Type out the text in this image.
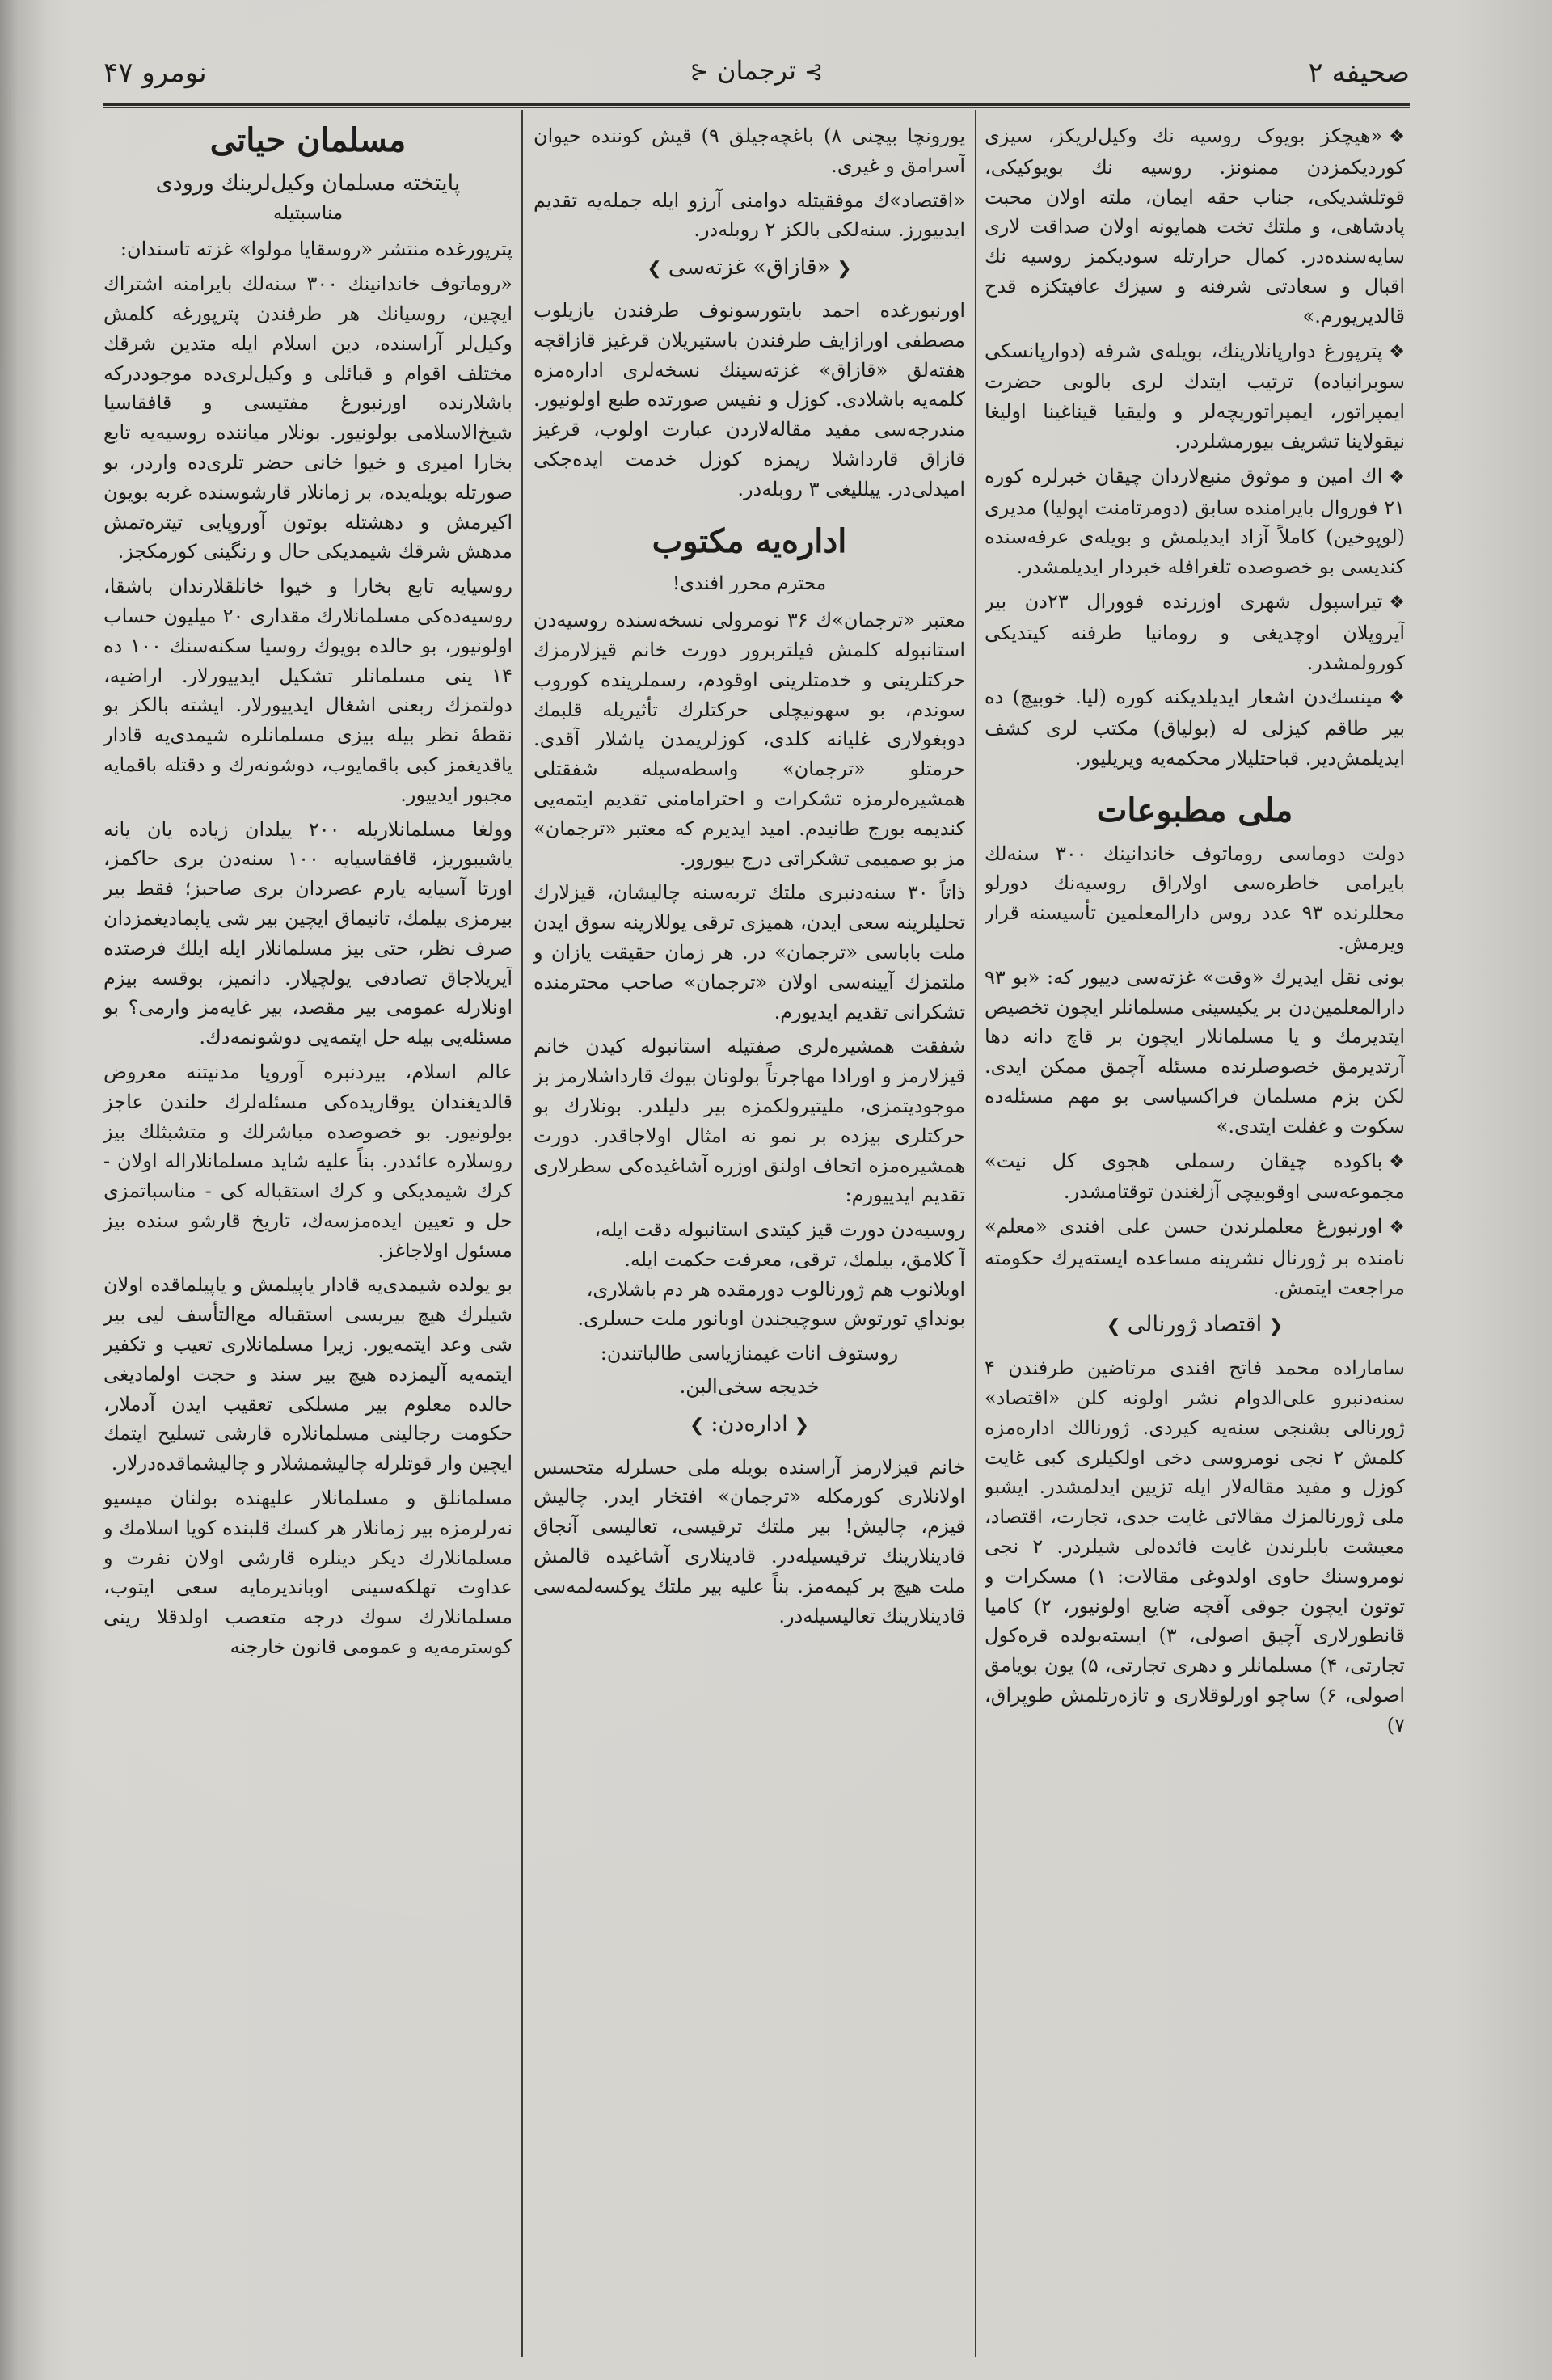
صحیفه ۲
⊱ترجمان⊰
نومرو ۴۷

❖«هیچکز بویوک روسیه نك وکیل‌لریکز، سیزی کوردیکمزدن ممنونز. روسیه نك بویوکیکی، قوتلشدیکی، جناب حقه ایمان، ملته اولان محبت پادشاهی، و ملتك تخت همایونه اولان صداقت لاری سایه‌سنده‌در. کمال حرارتله سودیکمز روسیه نك اقبال و سعادتی شرفنه و سیزك عافیتکزه قدح قالدیریورم.»

❖پترپورغ دوارپانلارینك، بویله‌ی شرفه (دوارپانسکی سوبرانیاده) ترتیب ایتدك لری بالوبی حضرت ایمپراتور، ایمپراتوریچه‌لر و ولیقیا قیناغینا اولیغا نیقولاینا تشریف بیورمشلردر.

❖اك امین و موثوق منبع‌لاردان چیقان خبرلره کوره ۲۱ فوروال بایرامنده سابق (دومرتامنت‌ اپولیا) مدیری (لوپوخین) کاملاً آزاد ایدیلمش و بویله‌ی عرفه‌سنده کندیسی بو خصوصده تلغرافله خبردار ایدیلمشدر.

❖تیراسپول شهری اوزرنده فوورال ۲۳دن بیر آیروپلان اوچدیغی و رومانیا طرفنه کیتدیکی کورولمشدر.

❖مینسك‌دن اشعار ایدیلدیکنه کوره (لیا. خوبیچ) ده بیر طاقم کیزلی له (بولیاق) مکتب لری کشف ایدیلمش‌دیر. قباحتلیلار محکمه‌یه ویریلیور.

ملی مطبوعات

دولت دوماسی روماتوف خاندانینك ۳۰۰ سنه‌لك بایرامی خاطره‌سی اولاراق روسیه‌نك دورلو محللرنده ۹۳ عدد روس دارالمعلمین تأسیسنه قرار ویرمش.

بونی نقل ایدیرك «وقت» غزته‌سی دییور كه: «بو ۹۳ دارالمعلمین‌دن بر یکیسینی مسلمانلر ایچون تخصیص ایتدیرمك و یا مسلمانلار ایچون بر قاچ دانه دها آرتدیرمق خصوصلرنده مسئله آچمق ممکن ایدی. لکن بزم مسلمان فراکسیاسی بو مهم مسئله‌ده سکوت و غفلت ایتدی.»

❖باکوده چیقان رسملی هجوی کل نیت» مجموعه‌سی اوقوبیچی آزلغندن توقتامشدر.

❖اورنبورغ معلملرندن حسن علی افندی «معلم» نامنده بر ژورنال نشرینه مساعده ایسته‌یرك حکومته مراجعت ایتمش.

❮اقتصاد ژورنالی❯

سامارا‌ده محمد فاتح افندی مرتاضین طرفندن ۴ سنه‌دنبرو علی‌الدوام نشر اولونه کلن «اقتصاد» ژورنالی بشنجی سنه‌یه کیردی. ژورنالك اداره‌مزه کلمش ۲ نجی نومروسی دخی اولکیلری کبی غایت کوزل و مفید مقاله‌لار ایله تزیین ایدلمشدر. ایشبو ملی ژورنالمزك مقالاتی غایت جدی، تجارت، اقتصاد، معیشت بابلرندن غایت فائده‌لی شیلردر. ۲ نجی نومروسنك حاوی اولدوغی مقالات: ۱) مسکرات و توتون ایچون جوقی آقچه ضایع اولونیور، ۲) کامیا قانطورلاری آچیق اصولی، ۳) ایسته‌بولده قره‌کول تجارتی، ۴) مسلمانلر و دهری تجارتی، ۵) یون بویامق اصولی، ۶) ساچو اورلوقلاری و تازه‌رتلمش طوپراق، ۷)

یورونچا بیچنی ۸) باغچه‌جیلق ۹) قیش کوننده حیوان آسرامق و غیری.

«اقتصاد»‌ك موفقیتله دوامنی آرزو ایله جمله‌یه تقدیم ایدییورز. سنه‌لکی بالکز ۲ روبله‌در.

❮«قازاق» غزته‌سی❯

اورنبورغده احمد بایتورسونوف طرفندن یازیلوب مصطفی اورازایف طرفندن باستیریلان قرغیز قازاقچه هفته‌لق «قازاق» غزته‌سینك نسخه‌لری اداره‌مزه کلمه‌یه باشلادی. کوزل و نفیس صورتده طبع اولونیور. مندرجه‌سی مفید مقاله‌لاردن عبارت اولوب، قرغیز قازاق قارداشلا ریمزه کوزل خدمت ایده‌جکی امیدلی‌در. ییللیغی ۳ روبله‌در.

اداره‌یه مکتوب
محترم محرر افندی!

معتبر «ترجمان»‌ك ۳۶ نومرولی نسخه‌سنده روسیه‌دن استانبوله کلمش فیلتربرور دورت خانم قیزلارمزك حرکتلرینی و خدمتلرینی اوقودم، رسملرینده کوروب سوندم، بو سهونیچلی حرکتلرك تأثیریله قلبمك دوبغولاری غلیانه کلدی، کوزلریمدن یاشلار آقدی. حرمتلو «ترجمان» واسطه‌سیله شفقتلی همشیره‌لرمزه تشکرات و احترامامنی تقدیم ایتمه‌یی کندیمه بورج طانیدم. امید ایدیرم که معتبر «ترجمان» مز بو صمیمی تشکراتی درج بیورور.

ذاتاً ۳۰ سنه‌دنبری ملتك تربه‌سنه چالیشان، قیزلارك تحلیلرینه سعی ایدن، همیزی ترقی یوللارینه سوق ایدن ملت باباسی «ترجمان» در. هر زمان حقیقت یازان و ملتمزك آیینه‌سی اولان «ترجمان» صاحب محترمنده تشکرانی تقدیم ایدیورم.

شفقت همشیره‌لری صفتیله استانبوله کیدن خانم قیزلارمز و اورادا مهاجرتاً بولونان بیوك قارداشلارمز بز موجودیتمزی، ملیتیرولکمزه بیر دلیلدر. بونلارك بو حرکتلری بیزده بر نمو نه امثال اولاجاقدر. دورت همشیره‌مزه اتحاف اولنق اوزره آشاغیده‌کی سطرلاری تقدیم ایدییورم:

روسیه‌دن دورت قیز کیتدی استانبوله دقت ایله،

آ کلامق، بیلمك، ترقی، معرفت حکمت ایله.

اویلانوب هم ژورنالوب دورمقده هر دم باشلاری،

بونداي تورتوش سوچیجندن اوبانور ملت حسلری.

روستوف انات غیمنازیاسی طالباتندن:
خدیجه سخی‌البن.
❮اداره‌دن:❯

خانم قیزلارمز آراسنده بویله ملی حسلرله متحسس اولانلاری کورمکله «ترجمان» افتخار ایدر. چالیش قیزم، چالیش! بیر ملتك ترقیسی، تعالیسی آنجاق قادینلارینك ترقیسیله‌در. قادینلاری آشاغیده قالمش ملت هیچ بر کیمه‌مز. بناً علیه بیر ملتك یوکسه‌لمه‌سی قادینلارینك تعالیسیله‌در.

مسلمان حیاتی
پایتخته مسلمان وکیل‌لرینك ورودی
مناسبتیله

پترپورغده منتشر «روسقایا مولوا» غزته‌ تاسندان:

«روماتوف خاندانینك ۳۰۰ سنه‌لك بایرامنه اشتراك ایچین، روسیانك هر طرفندن پترپورغه کلمش وکیل‌لر آراسنده، دین اسلام ایله متدین شرقك مختلف اقوام و قبائلی و وکیل‌لری‌ده موجوددرکه باشلارنده اورنبورغ مفتیسی و قافقاسیا شیخ‌الاسلامی بولونیور. بونلار میاننده روسیه‌یه تابع بخارا امیری و خیوا خانی حضر تلری‌ده واردر، بو صورتله بویله‌یده، بر زمانلار قارشوسنده غربه بویون اکیرمش و دهشتله بوتون آوروپایی تیتره‌تمش مدهش شرقك شیمدیکی حال و رنگینی کورمکجز.

روسیایه تابع بخارا و خیوا خانلقلارندان باشقا، روسیه‌ده‌کی مسلمانلارك مقداری ۲۰ میلیون حساب اولونیور، بو حالده بویوك روسیا سکنه‌سنك ۱۰۰ ده ۱۴ ینی مسلمانلر تشکیل ایدییورلار. اراضیه، دولتمزك ربعنی اشغال ایدییورلار. ایشته بالکز بو نقطهٔ نظر بیله بیزی مسلمانلره شیمدی‌یه قادار یاقدیغمز کبی باقمایوب، دوشونه‌رك و دقتله باقمایه مجبور ایدییور.

وولغا مسلمانلاریله ۲۰۰ ییلدان زیاده یان یانه یاشیبوریز، قافقاسیایه ۱۰۰ سنه‌دن بری حاکمز، اورتا آسیایه یارم عصردان بری صاحبز؛ فقط بیر بیرمزی بیلمك، تانیماق ایچین بیر شی یاپمادیغمزدان صرف نظر، حتی بیز مسلمانلار ایله ایلك فرصتده آیریلاجاق تصادفی یولچیلار. دانمیز، بوقسه بیزم اونلارله عمومی بیر مقصد، بیر غایه‌مز وارمی؟ بو مسئله‌یی بیله حل ایتمه‌یی دوشونمه‌دك.

عالم اسلام، بیردنبره آوروپا مدنیتنه معروض قالدیغندان یوقاریده‌کی مسئله‌لرك حلندن عاجز بولونیور. بو خصوصده مباشرلك و متشبثلك بیز روسلاره عائددر. بناً علیه شاید مسلمانلاراله اولان - کرك شیمدیکی و کرك استقباله کی - مناسباتمزی حل و تعیین ایده‌مزسه‌ك، تاریخ قارشو سنده بیز مسئول اولاجاغز.

بو یولده شیمدی‌یه قادار یاپیلمش و یاپیلماقده اولان شیلرك هیچ بیریسی استقباله مع‌التأسف لیی بیر شی وعد ایتمه‌یور. زیرا مسلمانلاری تعیب و تکفیر ایتمه‌یه آلیمزده هیچ بیر سند و حجت اولمادیغی حالده معلوم بیر مسلکی تعقیب ایدن آدملار، حکومت رجالینی مسلمانلاره قارشی تسلیح ایتمك ایچین وار قوتلرله چالیشمشلار و چالیشماقده‌درلار.

مسلمانلق و مسلمانلار علیهنده بولنان میسیو نه‌رلرمزه بیر زمانلار هر کسك قلبنده کویا اسلامك و مسلمانلارك دیکر دینلره قارشی اولان نفرت و عداوت تهلکه‌سینی اوباندیرمایه سعی ایتوب، مسلمانلارك سوك درجه متعصب اولدقلا رینی کوسترمه‌یه و عمومی قانون خارجنه
